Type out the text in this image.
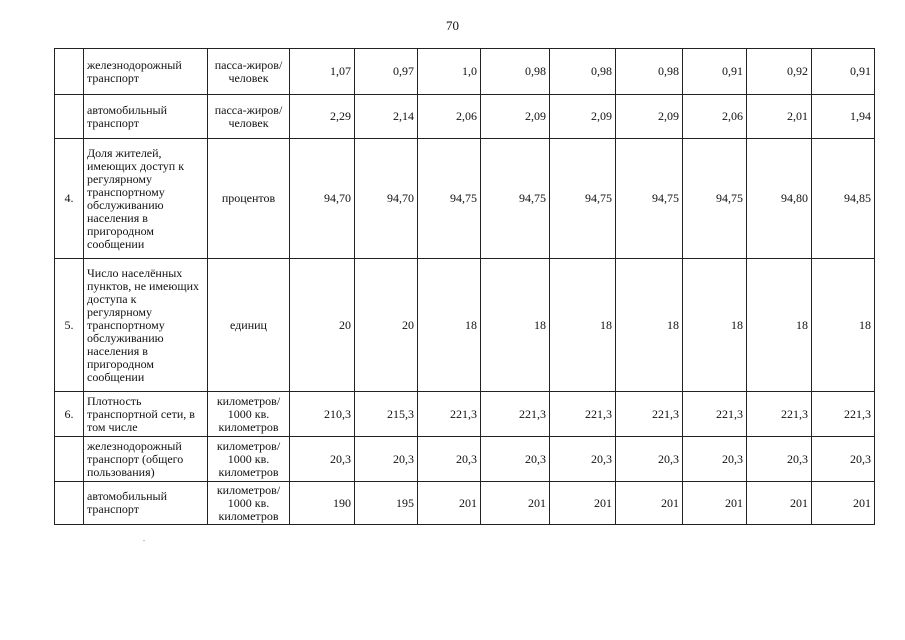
70
	железнодорожный транспорт	пасса-жиров/ человек	1,07	0,97	1,0	0,98	0,98	0,98	0,91	0,92	0,91
	автомобильный транспорт	пасса-жиров/ человек	2,29	2,14	2,06	2,09	2,09	2,09	2,06	2,01	1,94
4.	Доля жителей, имеющих доступ к регулярному транспортному обслуживанию населения в пригородном сообщении	процентов	94,70	94,70	94,75	94,75	94,75	94,75	94,75	94,80	94,85
5.	Число населённых пунктов, не имеющих доступа к регулярному транспортному обслуживанию населения в пригородном сообщении	единиц	20	20	18	18	18	18	18	18	18
6.	Плотность транспортной сети, в том числе	километров/ 1000 кв. километров	210,3	215,3	221,3	221,3	221,3	221,3	221,3	221,3	221,3
	железнодорожный транспорт (общего пользования)	километров/ 1000 кв. километров	20,3	20,3	20,3	20,3	20,3	20,3	20,3	20,3	20,3
	автомобильный транспорт	километров/ 1000 кв. километров	190	195	201	201	201	201	201	201	201
